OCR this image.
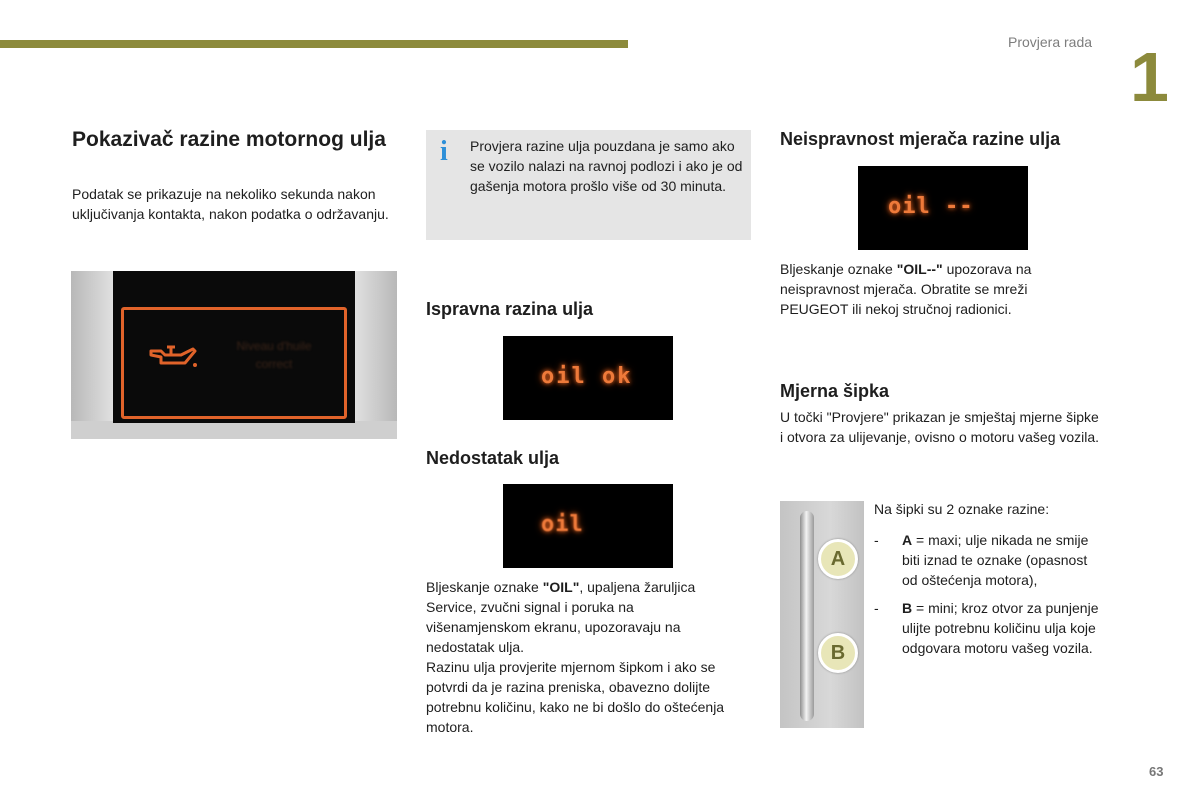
Provjera rada 1
63
Pokazivač razine motornog ulja

Podatak se prikazuje na nekoliko sekunda nakon uključivanja kontakta, nakon podatka o održavanju.

Niveau d'huile correct
i Provjera razine ulja pouzdana je samo ako se vozilo nalazi na ravnoj podlozi i ako je od gašenja motora prošlo više od 30 minuta.

Ispravna razina ulja
oil ok
Nedostatak ulja
oil

Bljeskanje oznake "OIL", upaljena žaruljica Service, zvučni signal i poruka na višenamjenskom ekranu, upozoravaju na nedostatak ulja.
Razinu ulja provjerite mjernom šipkom i ako se potvrdi da je razina preniska, obavezno dolijte potrebnu količinu, kako ne bi došlo do oštećenja motora.

Neispravnost mjerača razine ulja
oil --

Bljeskanje oznake "OIL--" upozorava na neispravnost mjerača. Obratite se mreži PEUGEOT ili nekoj stručnoj radionici.

Mjerna šipka

U točki "Provjere" prikazan je smještaj mjerne šipke i otvora za ulijevanje, ovisno o motoru vašeg vozila.

A
B

Na šipki su 2 oznake razine:

- A = maxi; ulje nikada ne smije biti iznad te oznake (opasnost od oštećenja motora),
- B = mini; kroz otvor za punjenje ulijte potrebnu količinu ulja koje odgovara motoru vašeg vozila.
